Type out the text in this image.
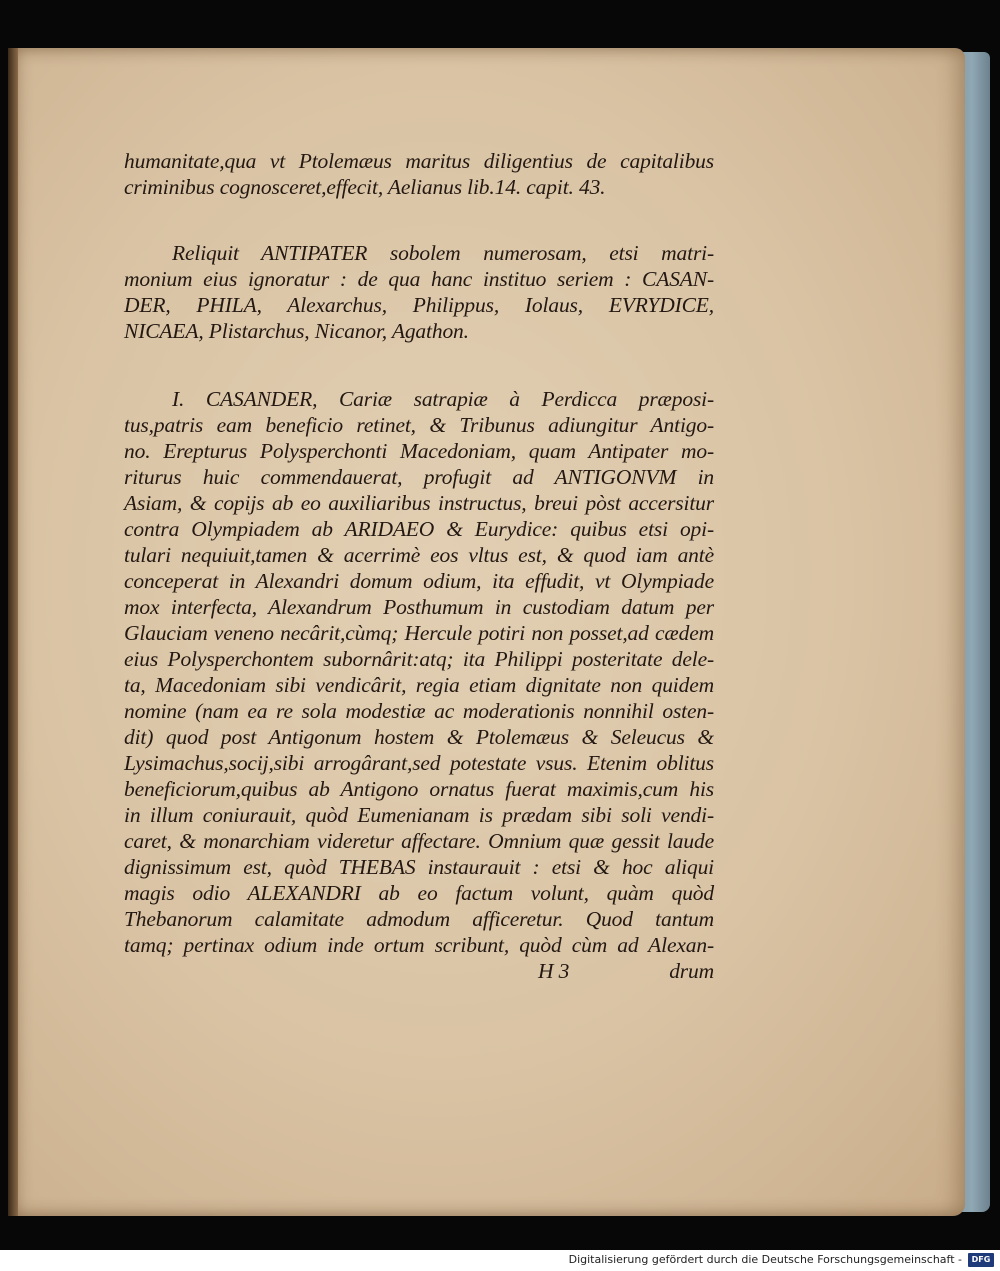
humanitate,qua vt Ptolemæus maritus diligentius de capitalibus
criminibus cognosceret,effecit, Aelianus lib.14. capit. 43.
Reliquit ANTIPATER sobolem numerosam, etsi matri-
monium eius ignoratur : de qua hanc instituo seriem : CASAN-
DER, PHILA, Alexarchus, Philippus, Iolaus, EVRYDICE,
NICAEA, Plistarchus, Nicanor, Agathon.
I. CASANDER, Cariæ satrapiæ à Perdicca præposi-
tus,patris eam beneficio retinet, & Tribunus adiungitur Antigo-
no. Erepturus Polysperchonti Macedoniam, quam Antipater mo-
riturus huic commendauerat, profugit ad ANTIGONVM in
Asiam, & copijs ab eo auxiliaribus instructus, breui pòst accersitur
contra Olympiadem ab ARIDAEO & Eurydice: quibus etsi opi-
tulari nequiuit,tamen & acerrimè eos vltus est, & quod iam antè
conceperat in Alexandri domum odium, ita effudit, vt Olympiade
mox interfecta, Alexandrum Posthumum in custodiam datum per
Glauciam veneno necârit,cùmq; Hercule potiri non posset,ad cædem
eius Polysperchontem subornârit:atq; ita Philippi posteritate dele-
ta, Macedoniam sibi vendicârit, regia etiam dignitate non quidem
nomine (nam ea re sola modestiæ ac moderationis nonnihil osten-
dit) quod post Antigonum hostem & Ptolemæus & Seleucus &
Lysimachus,socij,sibi arrogârant,sed potestate vsus. Etenim oblitus
beneficiorum,quibus ab Antigono ornatus fuerat maximis,cum his
in illum coniurauit, quòd Eumenianam is prædam sibi soli vendi-
caret, & monarchiam videretur affectare. Omnium quæ gessit laude
dignissimum est, quòd THEBAS instaurauit : etsi & hoc aliqui
magis odio ALEXANDRI ab eo factum volunt, quàm quòd
Thebanorum calamitate admodum afficeretur. Quod tantum
tamq; pertinax odium inde ortum scribunt, quòd cùm ad Alexan-
H 3	drum
Digitalisierung gefördert durch die Deutsche Forschungsgemeinschaft -	DFG
